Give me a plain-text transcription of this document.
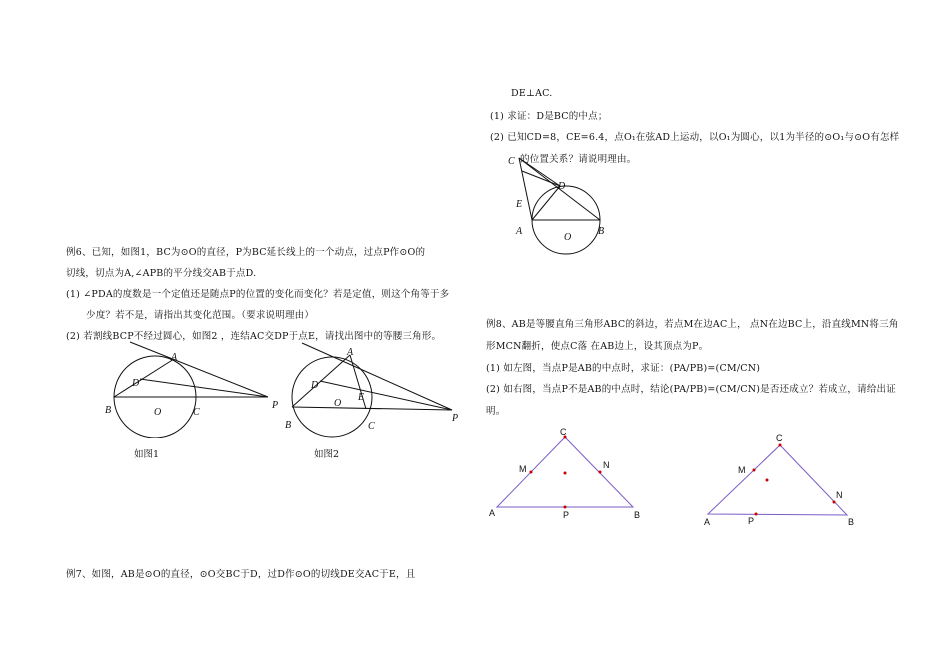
DE⊥AC.
(1) 求证：D是BC的中点；
(2) 已知CD=8，CE=6.4，点O₁在弦AD上运动，以O₁为圆心，以1为半径的⊙O₁与⊙O有怎样
的位置关系？请说明理由。
C
D
E
A	B
O
例6、已知，如图1，BC为⊙O的直径，P为BC延长线上的一个动点，过点P作⊙O的
切线，切点为A,∠APB的平分线交AB于点D.
(1) ∠PDA的度数是一个定值还是随点P的位置的变化而变化？若是定值，则这个角等于多
少度？若不是，请指出其变化范围。（要求说明理由）
(2) 若割线BCP不经过圆心，如图2 ，连结AC交DP于点E，请找出图中的等腰三角形。
A
D
B	O	C
P
如图1
A
D
E
O
B	C
P
如图2
例8、AB是等腰直角三角形ABC的斜边，若点M在边AC上， 点N在边BC上，沿直线MN将三角
形MCN翻折，使点C落 在AB边上，设其顶点为P。
(1) 如左图，当点P是AB的中点时，求证：(PA/PB)=(CM/CN)
(2) 如右图，当点P不是AB的中点时，结论(PA/PB)=(CM/CN)是否还成立？若成立，请给出证
明。
C
M	N
A	P	B
C
M
N
A	P	B
例7、如图，AB是⊙O的直径，⊙O交BC于D，过D作⊙O的切线DE交AC于E，且
